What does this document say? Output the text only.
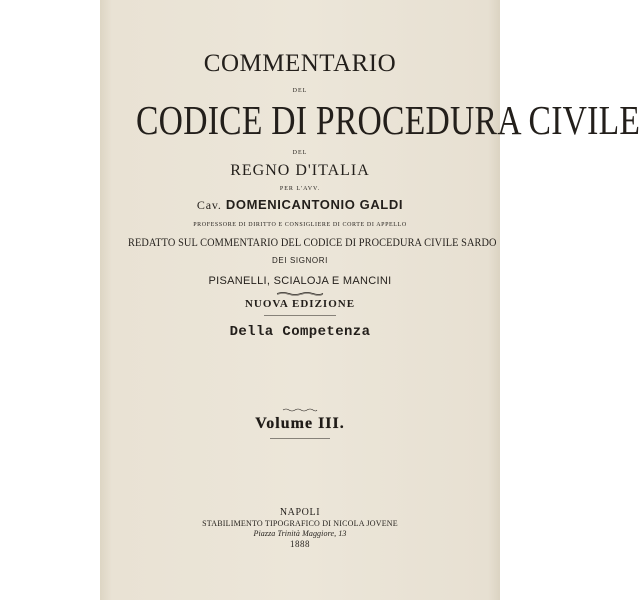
COMMENTARIO
DEL
CODICE DI PROCEDURA CIVILE
DEL
REGNO D'ITALIA
PER L'AVV.
Cav. DOMENICANTONIO GALDI
PROFESSORE DI DIRITTO E CONSIGLIERE DI CORTE DI APPELLO
REDATTO SUL COMMENTARIO DEL CODICE DI PROCEDURA CIVILE SARDO
DEI SIGNORI
PISANELLI, SCIALOJA E MANCINI
NUOVA EDIZIONE
Della Competenza
Volume III.
NAPOLI
STABILIMENTO TIPOGRAFICO DI NICOLA JOVENE
Piazza Trinità Maggiore, 13
1888
